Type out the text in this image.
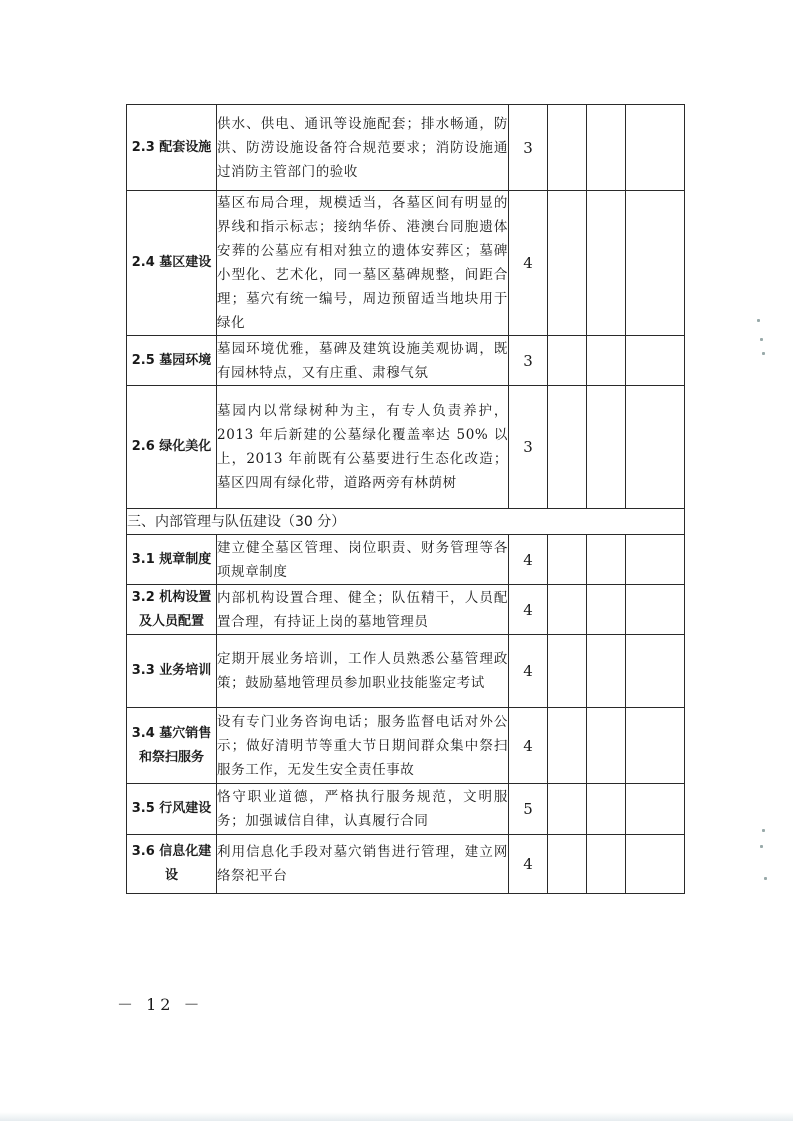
2.3 配套设施	供水、供电、通讯等设施配套；排水畅通，防洪、防涝设施设备符合规范要求；消防设施通过消防主管部门的验收	3			
2.4 墓区建设	墓区布局合理，规模适当，各墓区间有明显的界线和指示标志；接纳华侨、港澳台同胞遗体安葬的公墓应有相对独立的遗体安葬区；墓碑小型化、艺术化，同一墓区墓碑规整，间距合理；墓穴有统一编号，周边预留适当地块用于绿化	4			
2.5 墓园环境	墓园环境优雅，墓碑及建筑设施美观协调，既有园林特点，又有庄重、肃穆气氛	3			
2.6 绿化美化	墓园内以常绿树种为主，有专人负责养护，2013 年后新建的公墓绿化覆盖率达 50% 以上，2013 年前既有公墓要进行生态化改造；墓区四周有绿化带，道路两旁有林荫树	3			
三、内部管理与队伍建设（30 分）					
3.1 规章制度	建立健全墓区管理、岗位职责、财务管理等各项规章制度	4			
3.2 机构设置及人员配置	内部机构设置合理、健全；队伍精干，人员配置合理，有持证上岗的墓地管理员	4			
3.3 业务培训	定期开展业务培训，工作人员熟悉公墓管理政策；鼓励墓地管理员参加职业技能鉴定考试	4			
3.4 墓穴销售和祭扫服务	设有专门业务咨询电话；服务监督电话对外公示；做好清明节等重大节日期间群众集中祭扫服务工作，无发生安全责任事故	4			
3.5 行风建设	恪守职业道德，严格执行服务规范，文明服务；加强诚信自律，认真履行合同	5			
3.6 信息化建设	利用信息化手段对墓穴销售进行管理，建立网络祭祀平台	4			
－ 12 －
